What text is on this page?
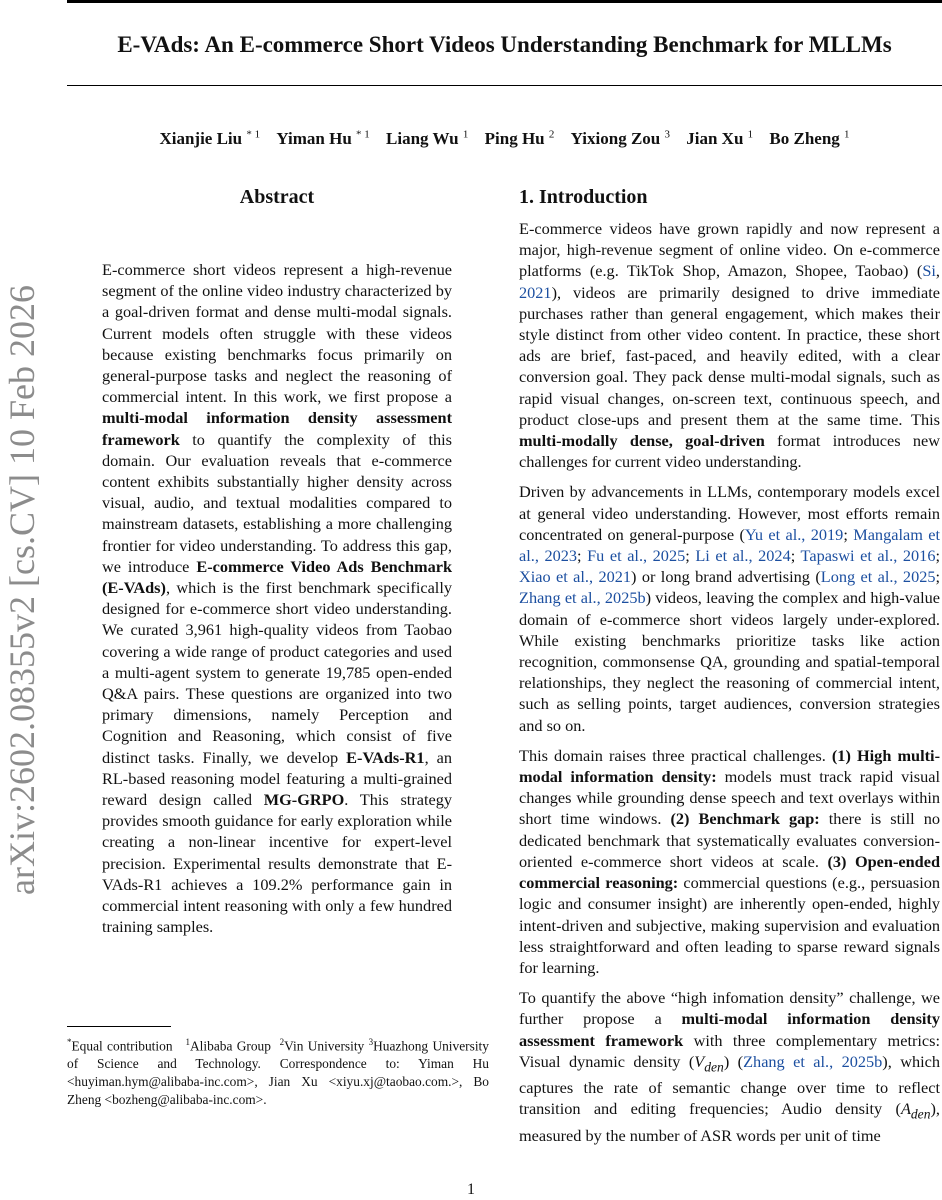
E-VAds: An E-commerce Short Videos Understanding Benchmark for MLLMs
Xianjie Liu $^{* 1}$ Yiman Hu $^{* 1}$ Liang Wu $^1$ Ping Hu $^2$ Yixiong Zou $^3$ Jian Xu $^1$ Bo Zheng $^1$
arXiv:2602.08355v2 [cs.CV] 10 Feb 2026
Abstract

E-commerce short videos represent a high-revenue segment of the online video industry characterized by a goal-driven format and dense multi-modal signals. Current models often struggle with these videos because existing benchmarks focus primarily on general-purpose tasks and neglect the reasoning of commercial intent. In this work, we first propose a multi-modal information density assessment framework to quantify the complexity of this domain. Our evaluation reveals that e-commerce content exhibits substantially higher density across visual, audio, and textual modalities compared to mainstream datasets, establishing a more challenging frontier for video understanding. To address this gap, we introduce E-commerce Video Ads Benchmark (E-VAds), which is the first benchmark specifically designed for e-commerce short video understanding. We curated 3,961 high-quality videos from Taobao covering a wide range of product categories and used a multi-agent system to generate 19,785 open-ended Q&A pairs. These questions are organized into two primary dimensions, namely Perception and Cognition and Reasoning, which consist of five distinct tasks. Finally, we develop E-VAds-R1, an RL-based reasoning model featuring a multi-grained reward design called MG-GRPO. This strategy provides smooth guidance for early exploration while creating a non-linear incentive for expert-level precision. Experimental results demonstrate that E-VAds-R1 achieves a 109.2% performance gain in commercial intent reasoning with only a few hundred training samples.

*Equal contribution $^1$Alibaba Group $^2$Vin University $^3$Huazhong University of Science and Technology. Correspondence to: Yiman Hu <huyiman.hym@alibaba-inc.com>, Jian Xu <xiyu.xj@taobao.com.>, Bo Zheng <bozheng@alibaba-inc.com>.

1. Introduction

E-commerce videos have grown rapidly and now represent a major, high-revenue segment of online video. On e-commerce platforms (e.g. TikTok Shop, Amazon, Shopee, Taobao) (Si, 2021), videos are primarily designed to drive immediate purchases rather than general engagement, which makes their style distinct from other video content. In practice, these short ads are brief, fast-paced, and heavily edited, with a clear conversion goal. They pack dense multi-modal signals, such as rapid visual changes, on-screen text, continuous speech, and product close-ups and present them at the same time. This multi-modally dense, goal-driven format introduces new challenges for current video understanding.

Driven by advancements in LLMs, contemporary models excel at general video understanding. However, most efforts remain concentrated on general-purpose (Yu et al., 2019; Mangalam et al., 2023; Fu et al., 2025; Li et al., 2024; Tapaswi et al., 2016; Xiao et al., 2021) or long brand advertising (Long et al., 2025; Zhang et al., 2025b) videos, leaving the complex and high-value domain of e-commerce short videos largely under-explored. While existing benchmarks prioritize tasks like action recognition, commonsense QA, grounding and spatial-temporal relationships, they neglect the reasoning of commercial intent, such as selling points, target audiences, conversion strategies and so on.

This domain raises three practical challenges. (1) High multi-modal information density: models must track rapid visual changes while grounding dense speech and text overlays within short time windows. (2) Benchmark gap: there is still no dedicated benchmark that systematically evaluates conversion-oriented e-commerce short videos at scale. (3) Open-ended commercial reasoning: commercial questions (e.g., persuasion logic and consumer insight) are inherently open-ended, highly intent-driven and subjective, making supervision and evaluation less straightforward and often leading to sparse reward signals for learning.

To quantify the above “high infomation density” challenge, we further propose a multi-modal information density assessment framework with three complementary metrics: Visual dynamic density $(V_{den})$ (Zhang et al., 2025b), which captures the rate of semantic change over time to reflect transition and editing frequencies; Audio density $(A_{den})$, measured by the number of ASR words per unit of time

1
